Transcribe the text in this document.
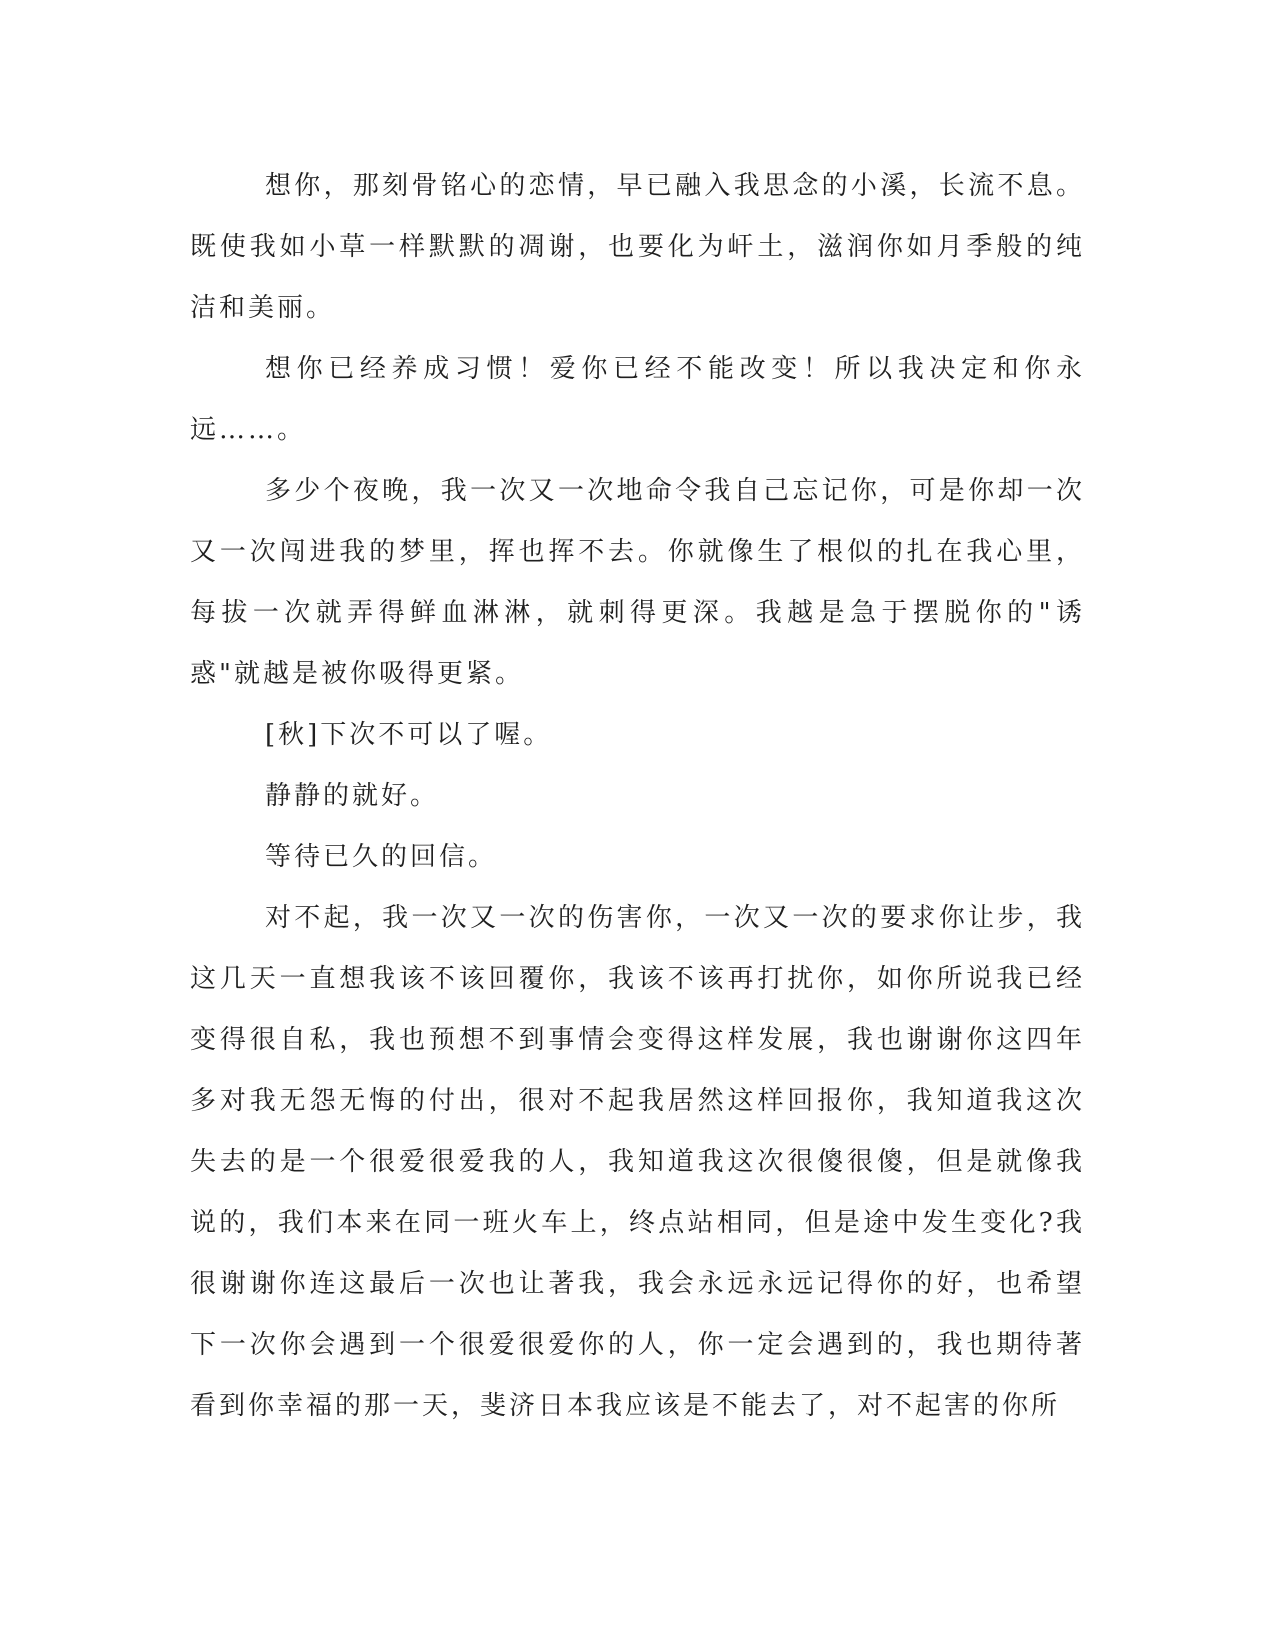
想你，那刻骨铭心的恋情，早已融入我思念的小溪，长流不息。既使我如小草一样默默的凋谢，也要化为屽土，滋润你如月季般的纯洁和美丽。

想你已经养成习惯！爱你已经不能改变！所以我决定和你永远……。

多少个夜晚，我一次又一次地命令我自己忘记你，可是你却一次又一次闯进我的梦里，挥也挥不去。你就像生了根似的扎在我心里，每拔一次就弄得鲜血淋淋，就刺得更深。我越是急于摆脱你的"诱惑"就越是被你吸得更紧。

[秋]下次不可以了喔。

静静的就好。

等待已久的回信。

对不起，我一次又一次的伤害你，一次又一次的要求你让步，我这几天一直想我该不该回覆你，我该不该再打扰你，如你所说我已经变得很自私，我也预想不到事情会变得这样发展，我也谢谢你这四年多对我无怨无悔的付出，很对不起我居然这样回报你，我知道我这次失去的是一个很爱很爱我的人，我知道我这次很傻很傻，但是就像我说的，我们本来在同一班火车上，终点站相同，但是途中发生变化?我很谢谢你连这最后一次也让著我，我会永远永远记得你的好，也希望下一次你会遇到一个很爱很爱你的人，你一定会遇到的，我也期待著看到你幸福的那一天，斐济日本我应该是不能去了，对不起害的你所
